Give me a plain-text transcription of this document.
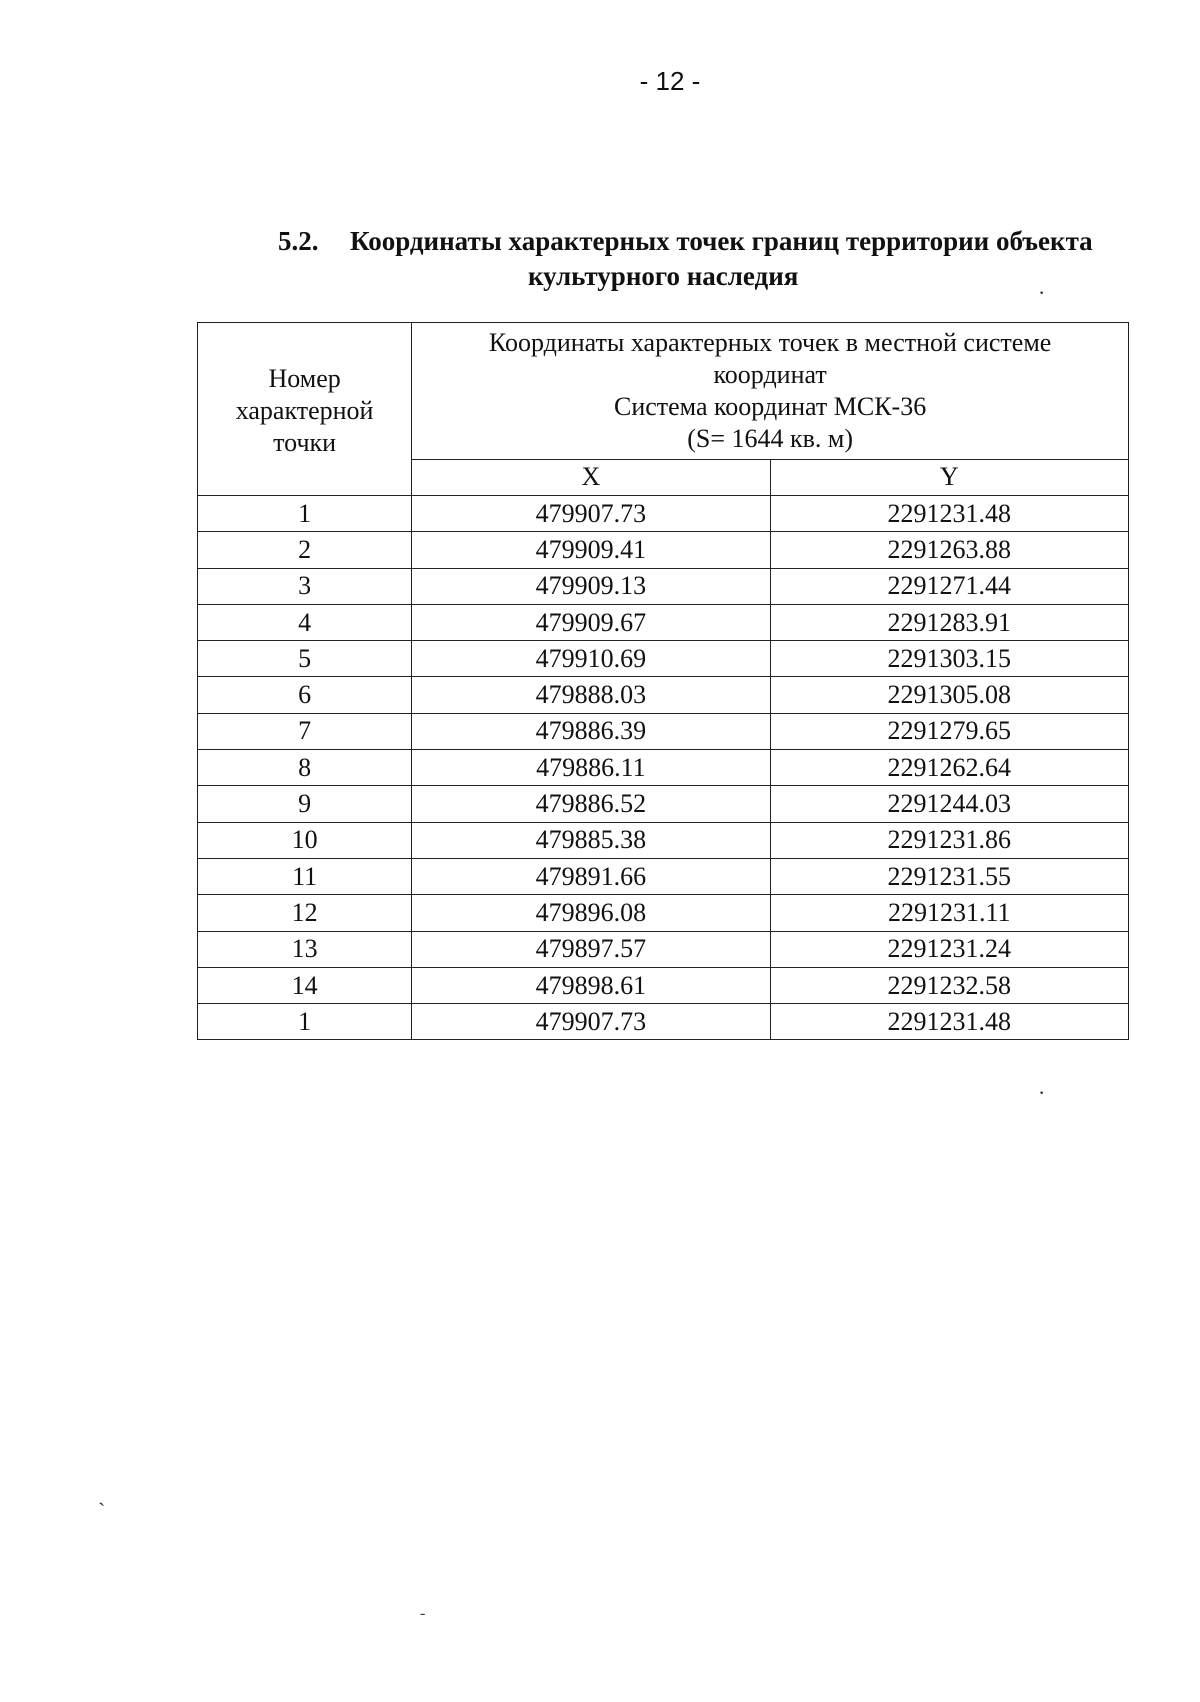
- 12 -
5.2. Координаты характерных точек границ территории объекта
культурного наследия
Номер
характерной
точки	Координаты характерных точек в местной системе
координат
Система координат МСК-36
(S= 1644 кв. м)	

	X	Y
1	479907.73	2291231.48
2	479909.41	2291263.88
3	479909.13	2291271.44
4	479909.67	2291283.91
5	479910.69	2291303.15
6	479888.03	2291305.08
7	479886.39	2291279.65
8	479886.11	2291262.64
9	479886.52	2291244.03
10	479885.38	2291231.86
11	479891.66	2291231.55
12	479896.08	2291231.11
13	479897.57	2291231.24
14	479898.61	2291232.58
1	479907.73	2291231.48
·
·
`
-
